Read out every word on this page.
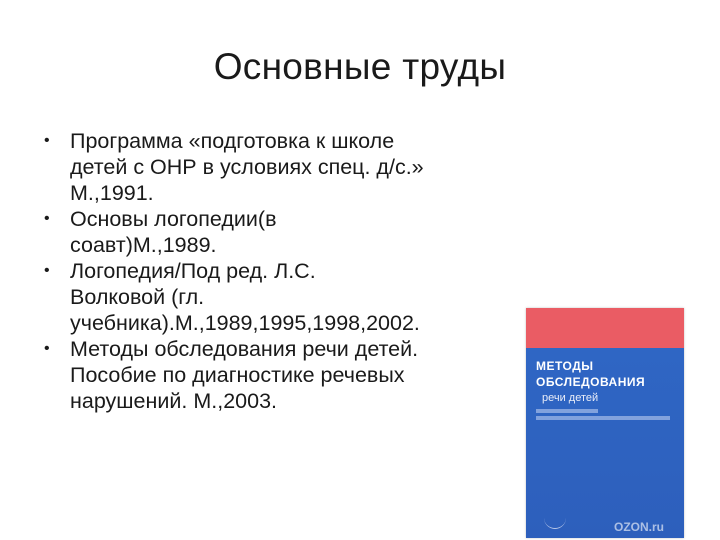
Основные труды
• Программа «подготовка к школе
детей с ОНР в условиях спец. д/с.»
М.,1991.
• Основы логопедии(в
соавт)М.,1989.
• Логопедия/Под ред. Л.С.
Волковой (гл.
учебника).М.,1989,1995,1998,2002.
• Методы обследования речи детей.
Пособие по диагностике речевых
нарушений. М.,2003.
МЕТОДЫ
ОБСЛЕДОВАНИЯ
речи детей
OZON.ru
